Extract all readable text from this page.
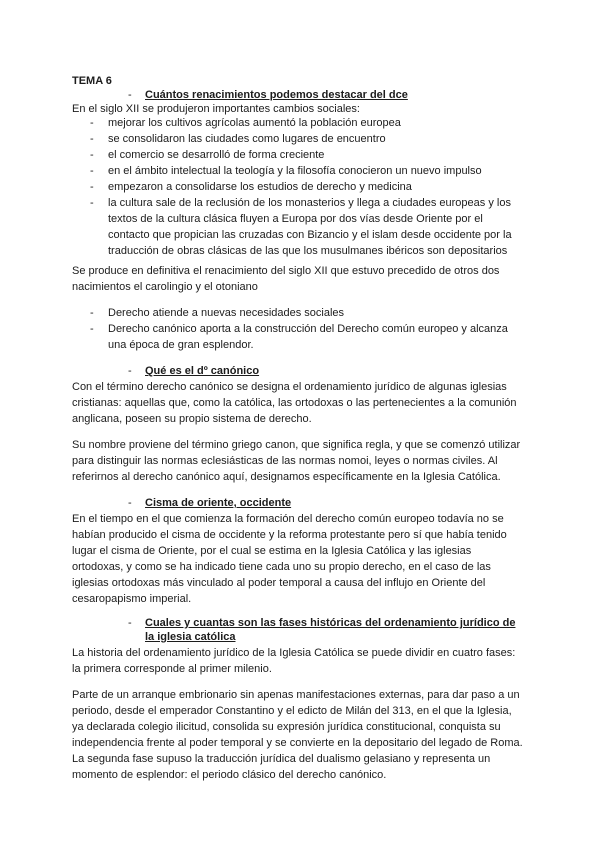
TEMA 6
- Cuántos renacimientos podemos destacar del dce
En el siglo XII se produjeron importantes cambios sociales:
- mejorar los cultivos agrícolas aumentó la población europea
- se consolidaron las ciudades como lugares de encuentro
- el comercio se desarrolló de forma creciente
- en el ámbito intelectual la teología y la filosofía conocieron un nuevo impulso
- empezaron a consolidarse los estudios de derecho y medicina
- la cultura sale de la reclusión de los monasterios y llega a ciudades europeas y los
textos de la cultura clásica fluyen a Europa por dos vías desde Oriente por el
contacto que propician las cruzadas con Bizancio y el islam desde occidente por la
traducción de obras clásicas de las que los musulmanes ibéricos son depositarios
Se produce en definitiva el renacimiento del siglo XII que estuvo precedido de otros dos
nacimientos el carolingio y el otoniano
- Derecho atiende a nuevas necesidades sociales
- Derecho canónico aporta a la construcción del Derecho común europeo y alcanza
una época de gran esplendor.
- Qué es el dº canónico
Con el término derecho canónico se designa el ordenamiento jurídico de algunas iglesias
cristianas: aquellas que, como la católica, las ortodoxas o las pertenecientes a la comunión
anglicana, poseen su propio sistema de derecho.
Su nombre proviene del término griego canon, que significa regla, y que se comenzó utilizar
para distinguir las normas eclesiásticas de las normas nomoi, leyes o normas civiles. Al
referirnos al derecho canónico aquí, designamos específicamente en la Iglesia Católica.
- Cisma de oriente, occidente
En el tiempo en el que comienza la formación del derecho común europeo todavía no se
habían producido el cisma de occidente y la reforma protestante pero sí que había tenido
lugar el cisma de Oriente, por el cual se estima en la Iglesia Católica y las iglesias
ortodoxas, y como se ha indicado tiene cada uno su propio derecho, en el caso de las
iglesias ortodoxas más vinculado al poder temporal a causa del influjo en Oriente del
cesaropapismo imperial.
- Cuales y cuantas son las fases históricas del ordenamiento jurídico de
la iglesia católica
La historia del ordenamiento jurídico de la Iglesia Católica se puede dividir en cuatro fases:
la primera corresponde al primer milenio.
Parte de un arranque embrionario sin apenas manifestaciones externas, para dar paso a un
periodo, desde el emperador Constantino y el edicto de Milán del 313, en el que la Iglesia,
ya declarada colegio ilicitud, consolida su expresión jurídica constitucional, conquista su
independencia frente al poder temporal y se convierte en la depositario del legado de Roma.
La segunda fase supuso la traducción jurídica del dualismo gelasiano y representa un
momento de esplendor: el periodo clásico del derecho canónico.
